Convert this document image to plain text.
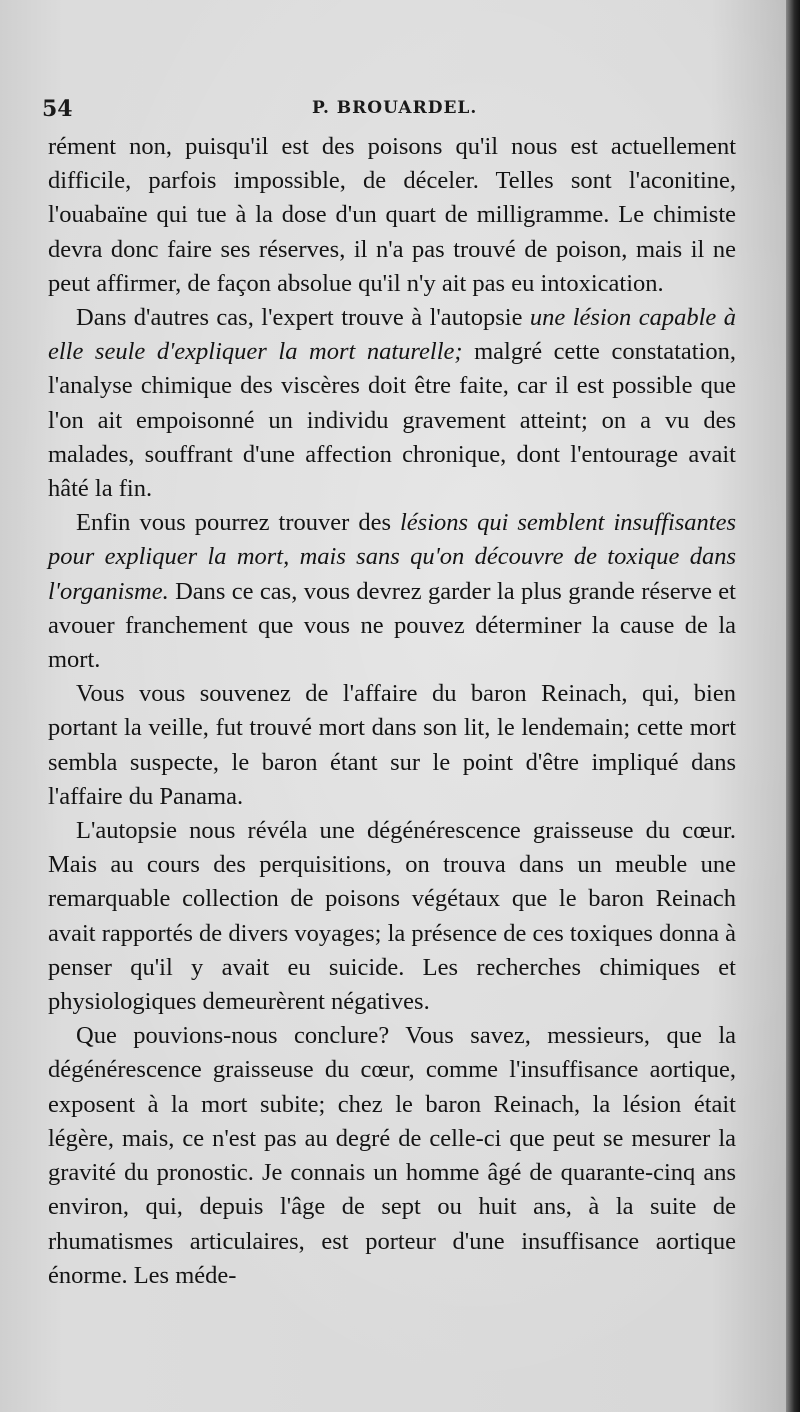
54	P. BROUARDEL.

rément non, puisqu'il est des poisons qu'il nous est actuellement difficile, parfois impossible, de déceler. Telles sont l'aconitine, l'ouabaïne qui tue à la dose d'un quart de milligramme. Le chimiste devra donc faire ses réserves, il n'a pas trouvé de poison, mais il ne peut affirmer, de façon absolue qu'il n'y ait pas eu intoxication.

Dans d'autres cas, l'expert trouve à l'autopsie une lésion capable à elle seule d'expliquer la mort naturelle; malgré cette constatation, l'analyse chimique des viscères doit être faite, car il est possible que l'on ait empoisonné un individu gravement atteint; on a vu des malades, souffrant d'une affection chronique, dont l'entourage avait hâté la fin.

Enfin vous pourrez trouver des lésions qui semblent insuffisantes pour expliquer la mort, mais sans qu'on découvre de toxique dans l'organisme. Dans ce cas, vous devrez garder la plus grande réserve et avouer franchement que vous ne pouvez déterminer la cause de la mort.

Vous vous souvenez de l'affaire du baron Reinach, qui, bien portant la veille, fut trouvé mort dans son lit, le lendemain; cette mort sembla suspecte, le baron étant sur le point d'être impliqué dans l'affaire du Panama.

L'autopsie nous révéla une dégénérescence graisseuse du cœur. Mais au cours des perquisitions, on trouva dans un meuble une remarquable collection de poisons végétaux que le baron Reinach avait rapportés de divers voyages; la présence de ces toxiques donna à penser qu'il y avait eu suicide. Les recherches chimiques et physiologiques demeurèrent négatives.

Que pouvions-nous conclure? Vous savez, messieurs, que la dégénérescence graisseuse du cœur, comme l'insuffisance aortique, exposent à la mort subite; chez le baron Reinach, la lésion était légère, mais, ce n'est pas au degré de celle-ci que peut se mesurer la gravité du pronostic. Je connais un homme âgé de quarante-cinq ans environ, qui, depuis l'âge de sept ou huit ans, à la suite de rhumatismes articulaires, est porteur d'une insuffisance aortique énorme. Les méde-
